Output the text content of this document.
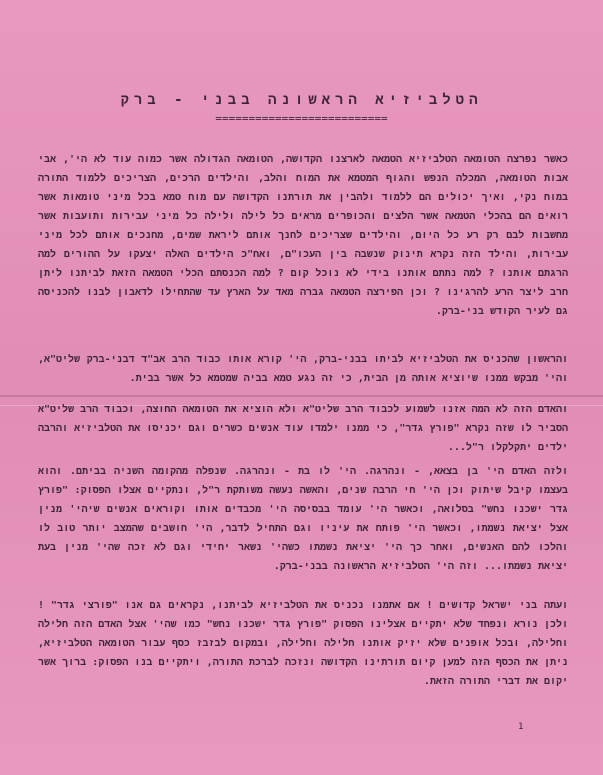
הטלביזיא הראשונה בבני - ברק
==========================

כאשר נפרצה הטומאה הטלביזיא הטמאה לארצנו הקדושה, הטומאה הגדולה אשר כמוה עוד לא הי', אבי אבות הטומאה, המכלה הנפש והגוף המטמא את המוח והלב, והילדים הרכים, הצריכים ללמוד התורה במוח נקי, ואיך יכולים הם ללמוד ולהבין את תורתנו הקדושה עם מוח טמא בכל מיני טומאות אשר רואים הם בהכלי הטמאה אשר הלצים והכופרים מראים כל לילה ולילה כל מיני עבירות ותועבות אשר מחשבות לבם רק רע כל היום, והילדים שצריכים לחנך אותם ליראת שמים, מחנכים אותם לכל מיני עבירות, והילד הזה נקרא תינוק שנשבה בין העכו"ם, ואח"כ הילדים האלה יצעקו על ההורים למה הרגתם אותנו ? למה נתתם אותנו בידי לא נוכל קום ? למה הכנסתם הכלי הטמאה הזאת לביתנו ליתן חרב ליצר הרע להרגינו ? וכן הפירצה הטמאה גברה מאד על הארץ עד שהתחילו לדאבון לבנו להכניסה גם לעיר הקודש בני-ברק.

והראשון שהכניס את הטלביזיא לביתו בבני-ברק, הי' קורא אותו כבוד הרב אב"ד דבני-ברק שליט"א, והי' מבקש ממנו שיוציא אותה מן הבית, כי זה נגע טמא בביה שמטמא כל אשר בבית.

והאדם הזה לא המה אזנו לשמוע לכבוד הרב שליט"א ולא הוציא את הטומאה החוצה, וכבוד הרב שליט"א הסביר לו שזה נקרא "פורץ גדר", כי ממנו ילמדו עוד אנשים כשרים וגם יכניסו את הטלביזיא והרבה ילדים יתקלקלו ר"ל...

ולזה האדם הי' בן בצאא, - ונהרגה. הי' לו בת - ונהרגה. שנפלה מהקומה השניה בביתם. והוא בעצמו קיבל שיתוק וכן הי' חי הרבה שנים, והאשה נעשה משותקת ר"ל, ונתקיים אצלו הפסוק: "פורץ גדר ישכנו נחש" בסלואה, וכאשר הי' עומד בבסיסה הי' מכבדים אותו וקוראים אנשים שיהי' מנין אצל יציאת נשמתו, וכאשר הי' פותח את עיניו וגם התחיל לדבר, הי' חושבים שהמצב יותר טוב לו והלכו להם האנשים, ואחר כך הי' יציאת נשמתו כשהי' נשאר יחידי וגם לא זכה שהי' מנין בעת יציאת נשמתו... וזה הי' הטלביזיא הראשונה בבני-ברק.

ועתה בני ישראל קדושים ! אם אתמנו נכניס את הטלביזיא לביתנו, נקראים גם אנו "פורצי גדר" ! ולכן נורא ונפחד שלא יתקיים אצלינו הפסוק "פורץ גדר ישכנו נחש" כמו שהי' אצל האדם הזה חלילה וחלילה, ובכל אופנים שלא יזיק אותנו חלילה וחלילה, ובמקום לבזבז כסף עבור הטומאה הטלביזיא, ניתן את הכסף הזה למען קיום תורתינו הקדושה ונזכה לברכת התורה, ויתקיים בנו הפסוק: ברוך אשר יקום את דברי התורה הזאת.

1
